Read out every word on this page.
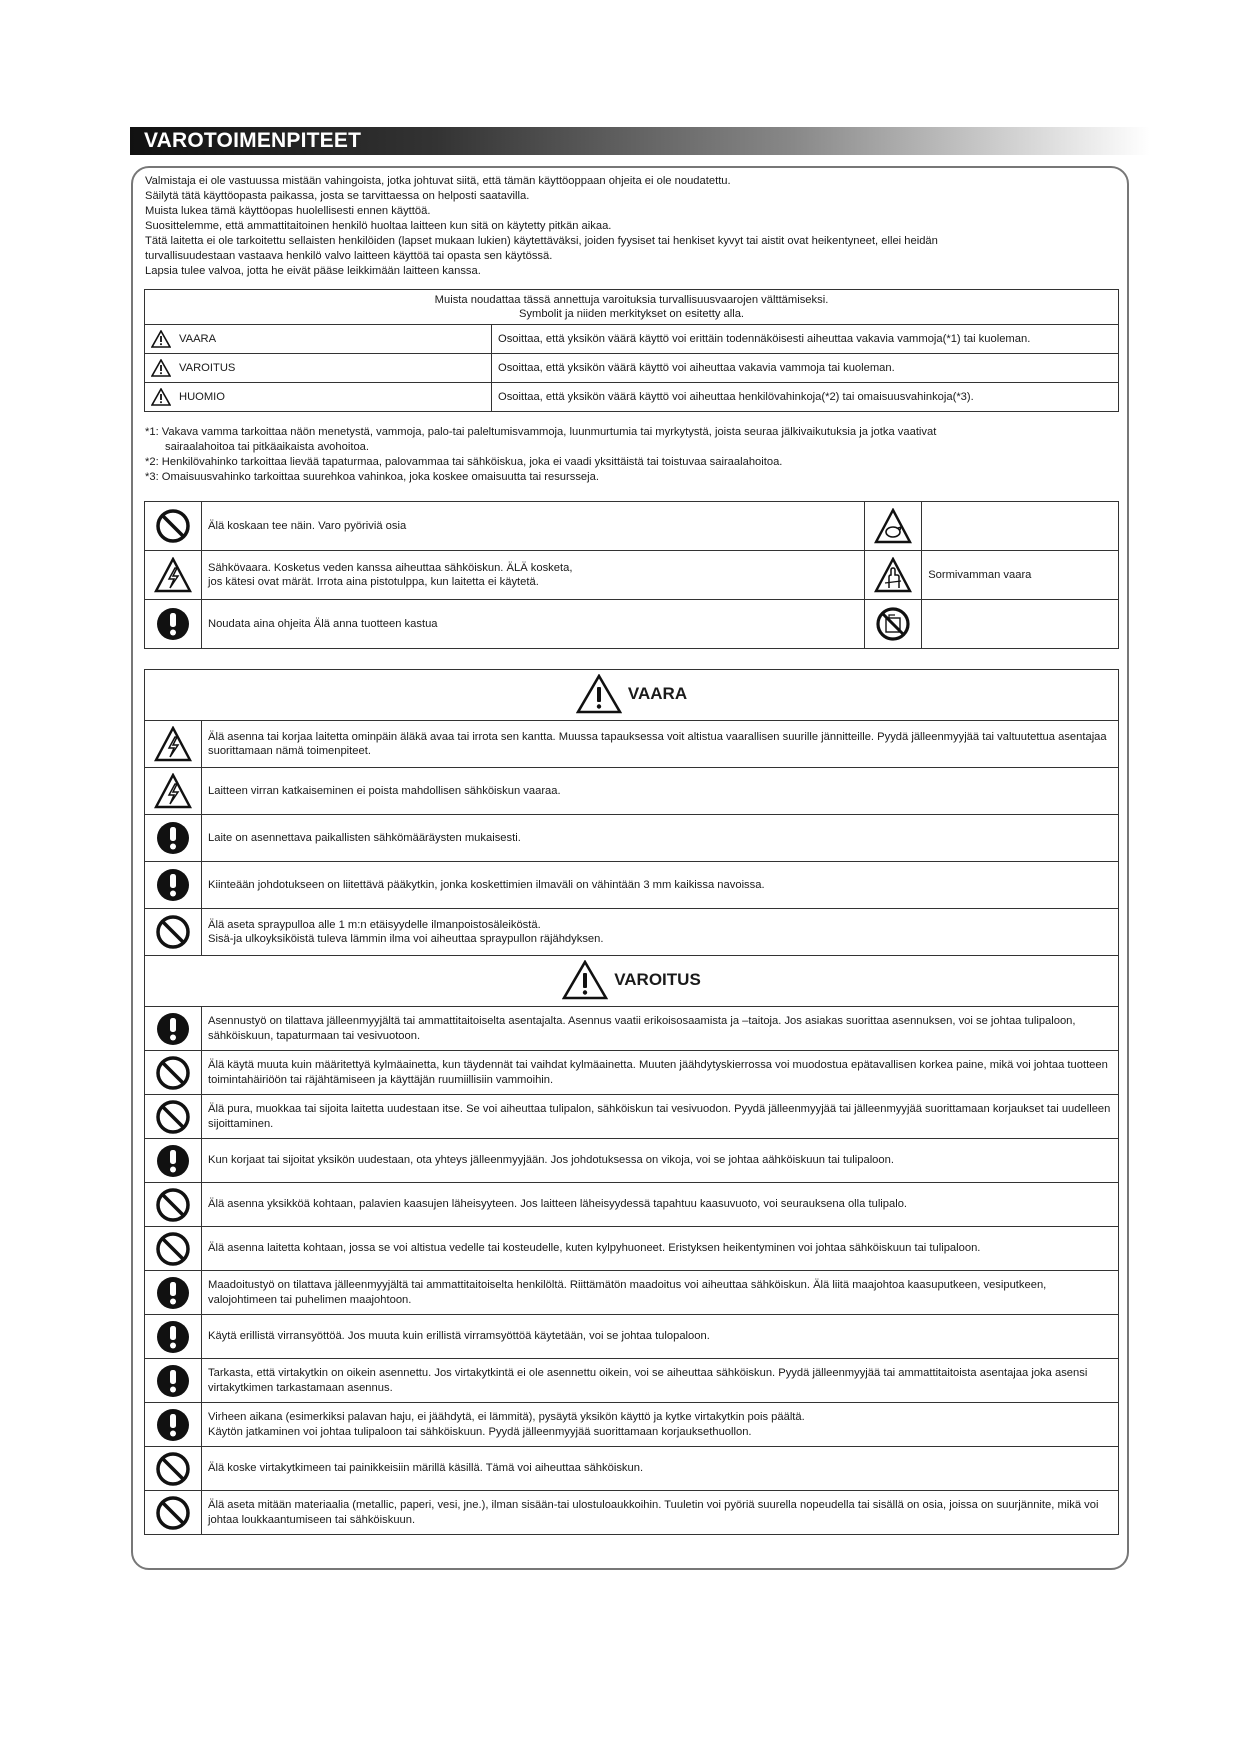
VAROTOIMENPITEET
Valmistaja ei ole vastuussa mistään vahingoista, jotka johtuvat siitä, että tämän käyttöoppaan ohjeita ei ole noudatettu.
Säilytä tätä käyttöopasta paikassa, josta se tarvittaessa on helposti saatavilla.
Muista lukea tämä käyttöopas huolellisesti ennen käyttöä.
Suosittelemme, että ammattitaitoinen henkilö huoltaa laitteen kun sitä on käytetty pitkän aikaa.
Tätä laitetta ei ole tarkoitettu sellaisten henkilöiden (lapset mukaan lukien) käytettäväksi, joiden fyysiset tai henkiset kyvyt tai aistit ovat heikentyneet, ellei heidän
turvallisuudestaan vastaava henkilö valvo laitteen käyttöä tai opasta sen käytössä.
Lapsia tulee valvoa, jotta he eivät pääse leikkimään laitteen kanssa.
Muista noudattaa tässä annettuja varoituksia turvallisuusvaarojen välttämiseksi.
Symbolit ja niiden merkitykset on esitetty alla.	

VAARA	Osoittaa, että yksikön väärä käyttö voi erittäin todennäköisesti aiheuttaa vakavia vammoja(*1) tai kuoleman.

VAROITUS	Osoittaa, että yksikön väärä käyttö voi aiheuttaa vakavia vammoja tai kuoleman.

HUOMIO	Osoittaa, että yksikön väärä käyttö voi aiheuttaa henkilövahinkoja(*2) tai omaisuusvahinkoja(*3).
*1: Vakava vamma tarkoittaa näön menetystä, vammoja, palo-tai paleltumisvammoja, luunmurtumia tai myrkytystä, joista seuraa jälkivaikutuksia ja jotka vaativat
sairaalahoitoa tai pitkäaikaista avohoitoa.
*2: Henkilövahinko tarkoittaa lievää tapaturmaa, palovammaa tai sähköiskua, joka ei vaadi yksittäistä tai toistuvaa sairaalahoitoa.
*3: Omaisuusvahinko tarkoittaa suurehkoa vahinkoa, joka koskee omaisuutta tai resursseja.
	Älä koskaan tee näin. Varo pyöriviä osia	

Sähkövaara. Kosketus veden kanssa aiheuttaa sähköiskun. ÄLÄ kosketa,
jos kätesi ovat märät. Irrota aina pistotulppa, kun laitetta ei käytetä.		Sormivamman vaara

	Noudata aina ohjeita Älä anna tuotteen kastua	

VAARA	

	Älä asenna tai korjaa laitetta ominpäin äläkä avaa tai irrota sen kantta. Muussa tapauksessa voit altistua vaarallisen suurille jännitteille. Pyydä jälleenmyyjää tai valtuutettua asentajaa suorittamaan nämä toimenpiteet.

	Laitteen virran katkaiseminen ei poista mahdollisen sähköiskun vaaraa.

	Laite on asennettava paikallisten sähkömääräysten mukaisesti.

	Kiinteään johdotukseen on liitettävä pääkytkin, jonka koskettimien ilmaväli on vähintään 3 mm kaikissa navoissa.

	Älä aseta spraypulloa alle 1 m:n etäisyydelle ilmanpoistosäleiköstä.
Sisä-ja ulkoyksiköistä tuleva lämmin ilma voi aiheuttaa spraypullon räjähdyksen.

VAROITUS	

	Asennustyö on tilattava jälleenmyyjältä tai ammattitaitoiselta asentajalta. Asennus vaatii erikoisosaamista ja –taitoja. Jos asiakas suorittaa asennuksen, voi se johtaa tulipaloon, sähköiskuun, tapaturmaan tai vesivuotoon.

	Älä käytä muuta kuin määritettyä kylmäainetta, kun täydennät tai vaihdat kylmäainetta. Muuten jäähdytyskierrossa voi muodostua epätavallisen korkea paine, mikä voi johtaa tuotteen toimintahäiriöön tai räjähtämiseen ja käyttäjän ruumiillisiin vammoihin.

	Älä pura, muokkaa tai sijoita laitetta uudestaan itse. Se voi aiheuttaa tulipalon, sähköiskun tai vesivuodon. Pyydä jälleenmyyjää tai jälleenmyyjää suorittamaan korjaukset tai uudelleen sijoittaminen.

	Kun korjaat tai sijoitat yksikön uudestaan, ota yhteys jälleenmyyjään. Jos johdotuksessa on vikoja, voi se johtaa aähköiskuun tai tulipaloon.

	Älä asenna yksikköä kohtaan, palavien kaasujen läheisyyteen. Jos laitteen läheisyydessä tapahtuu kaasuvuoto, voi seurauksena olla tulipalo.

	Älä asenna laitetta kohtaan, jossa se voi altistua vedelle tai kosteudelle, kuten kylpyhuoneet. Eristyksen heikentyminen voi johtaa sähköiskuun tai tulipaloon.

	Maadoitustyö on tilattava jälleenmyyjältä tai ammattitaitoiselta henkilöltä. Riittämätön maadoitus voi aiheuttaa sähköiskun. Älä liitä maajohtoa kaasuputkeen, vesiputkeen, valojohtimeen tai puhelimen maajohtoon.

	Käytä erillistä virransyöttöä. Jos muuta kuin erillistä virramsyöttöä käytetään, voi se johtaa tulopaloon.

	Tarkasta, että virtakytkin on oikein asennettu. Jos virtakytkintä ei ole asennettu oikein, voi se aiheuttaa sähköiskun. Pyydä jälleenmyyjää tai ammattitaitoista asentajaa joka asensi virtakytkimen tarkastamaan asennus.

	Virheen aikana (esimerkiksi palavan haju, ei jäähdytä, ei lämmitä), pysäytä yksikön käyttö ja kytke virtakytkin pois päältä.
Käytön jatkaminen voi johtaa tulipaloon tai sähköiskuun. Pyydä jälleenmyyjää suorittamaan korjauksethuollon.

	Älä koske virtakytkimeen tai painikkeisiin märillä käsillä. Tämä voi aiheuttaa sähköiskun.

	Älä aseta mitään materiaalia (metallic, paperi, vesi, jne.), ilman sisään-tai ulostuloaukkoihin. Tuuletin voi pyöriä suurella nopeudella tai sisällä on osia, joissa on suurjännite, mikä voi johtaa loukkaantumiseen tai sähköiskuun.
